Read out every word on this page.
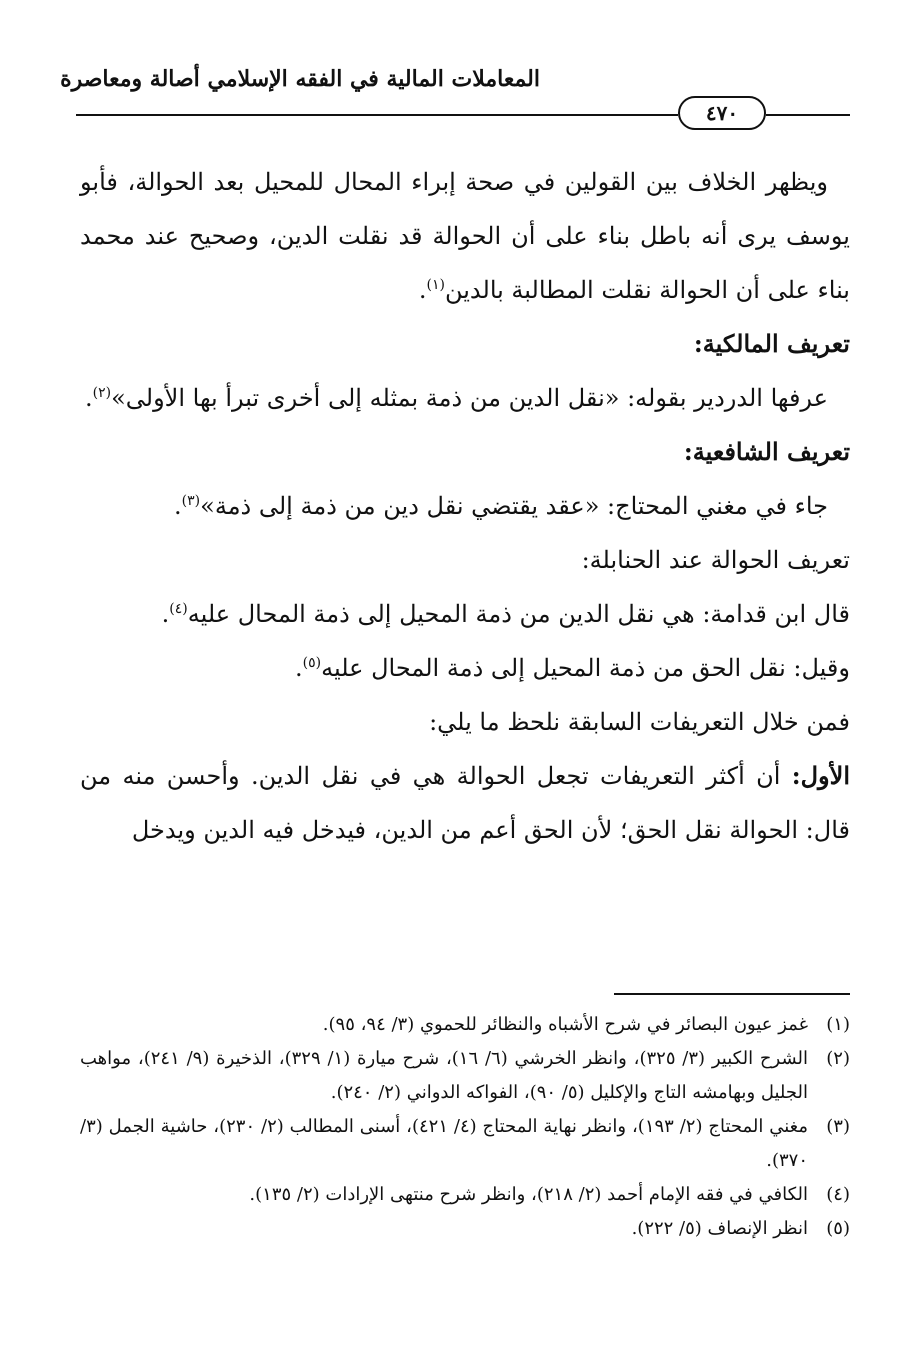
المعاملات المالية في الفقه الإسلامي أصالة ومعاصرة
٤٧٠

ويظهر الخلاف بين القولين في صحة إبراء المحال للمحيل بعد الحوالة، فأبو يوسف يرى أنه باطل بناء على أن الحوالة قد نقلت الدين، وصحيح عند محمد بناء على أن الحوالة نقلت المطالبة بالدين$^{(١)}$.

تعريف المالكية:

عرفها الدردير بقوله: «نقل الدين من ذمة بمثله إلى أخرى تبرأ بها الأولى»$^{(٢)}$.

تعريف الشافعية:

جاء في مغني المحتاج: «عقد يقتضي نقل دين من ذمة إلى ذمة»$^{(٣)}$.

تعريف الحوالة عند الحنابلة:

قال ابن قدامة: هي نقل الدين من ذمة المحيل إلى ذمة المحال عليه$^{(٤)}$.

وقيل: نقل الحق من ذمة المحيل إلى ذمة المحال عليه$^{(٥)}$.

فمن خلال التعريفات السابقة نلحظ ما يلي:

الأول: أن أكثر التعريفات تجعل الحوالة هي في نقل الدين. وأحسن منه من قال: الحوالة نقل الحق؛ لأن الحق أعم من الدين، فيدخل فيه الدين ويدخل

(١)
غمز عيون البصائر في شرح الأشباه والنظائر للحموي (٣/ ٩٤، ٩٥).
(٢)
الشرح الكبير (٣/ ٣٢٥)، وانظر الخرشي (٦/ ١٦)، شرح ميارة (١/ ٣٢٩)، الذخيرة (٩/ ٢٤١)، مواهب الجليل وبهامشه التاج والإكليل (٥/ ٩٠)، الفواكه الدواني (٢/ ٢٤٠).
(٣)
مغني المحتاج (٢/ ١٩٣)، وانظر نهاية المحتاج (٤/ ٤٢١)، أسنى المطالب (٢/ ٢٣٠)، حاشية الجمل (٣/ ٣٧٠).
(٤)
الكافي في فقه الإمام أحمد (٢/ ٢١٨)، وانظر شرح منتهى الإرادات (٢/ ١٣٥).
(٥)
انظر الإنصاف (٥/ ٢٢٢).
